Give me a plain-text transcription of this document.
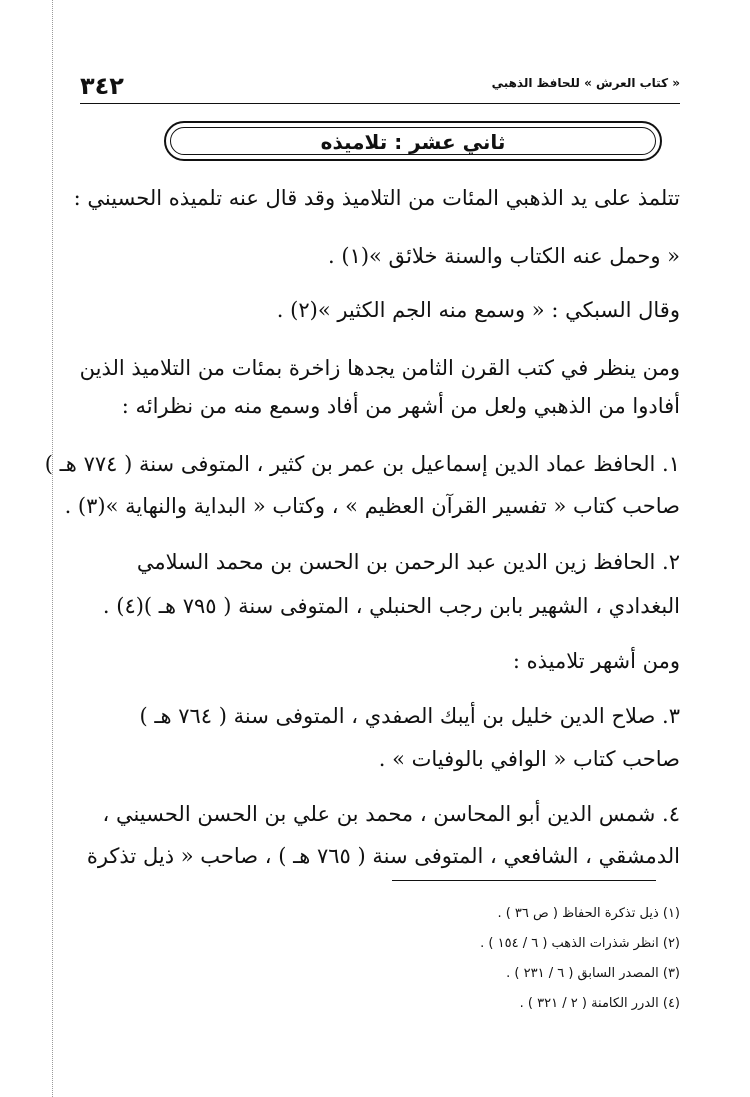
٣٤٢	« كتاب العرش » للحافظ الذهبي
ثاني عشر : تلاميذه
تتلمذ على يد الذهبي المئات من التلاميذ وقد قال عنه تلميذه الحسيني :
« وحمل عنه الكتاب والسنة خلائق »(١) .
وقال السبكي : « وسمع منه الجم الكثير »(٢) .
ومن ينظر في كتب القرن الثامن يجدها زاخرة بمئات من التلاميذ الذين
أفادوا من الذهبي ولعل من أشهر من أفاد وسمع منه من نظرائه :
١. الحافظ عماد الدين إسماعيل بن عمر بن كثير ، المتوفى سنة ( ٧٧٤ هـ )
صاحب كتاب « تفسير القرآن العظيم » ، وكتاب « البداية والنهاية »(٣) .
٢. الحافظ زين الدين عبد الرحمن بن الحسن بن محمد السلامي
البغدادي ، الشهير بابن رجب الحنبلي ، المتوفى سنة ( ٧٩٥ هـ )(٤) .
ومن أشهر تلاميذه :
٣. صلاح الدين خليل بن أيبك الصفدي ، المتوفى سنة ( ٧٦٤ هـ )
صاحب كتاب « الوافي بالوفيات » .
٤. شمس الدين أبو المحاسن ، محمد بن علي بن الحسن الحسيني ،
الدمشقي ، الشافعي ، المتوفى سنة ( ٧٦٥ هـ ) ، صاحب « ذيل تذكرة
(١) ذيل تذكرة الحفاظ ( ص ٣٦ ) .
(٢) انظر شذرات الذهب ( ٦ / ١٥٤ ) .
(٣) المصدر السابق ( ٦ / ٢٣١ ) .
(٤) الدرر الكامنة ( ٢ / ٣٢١ ) .
